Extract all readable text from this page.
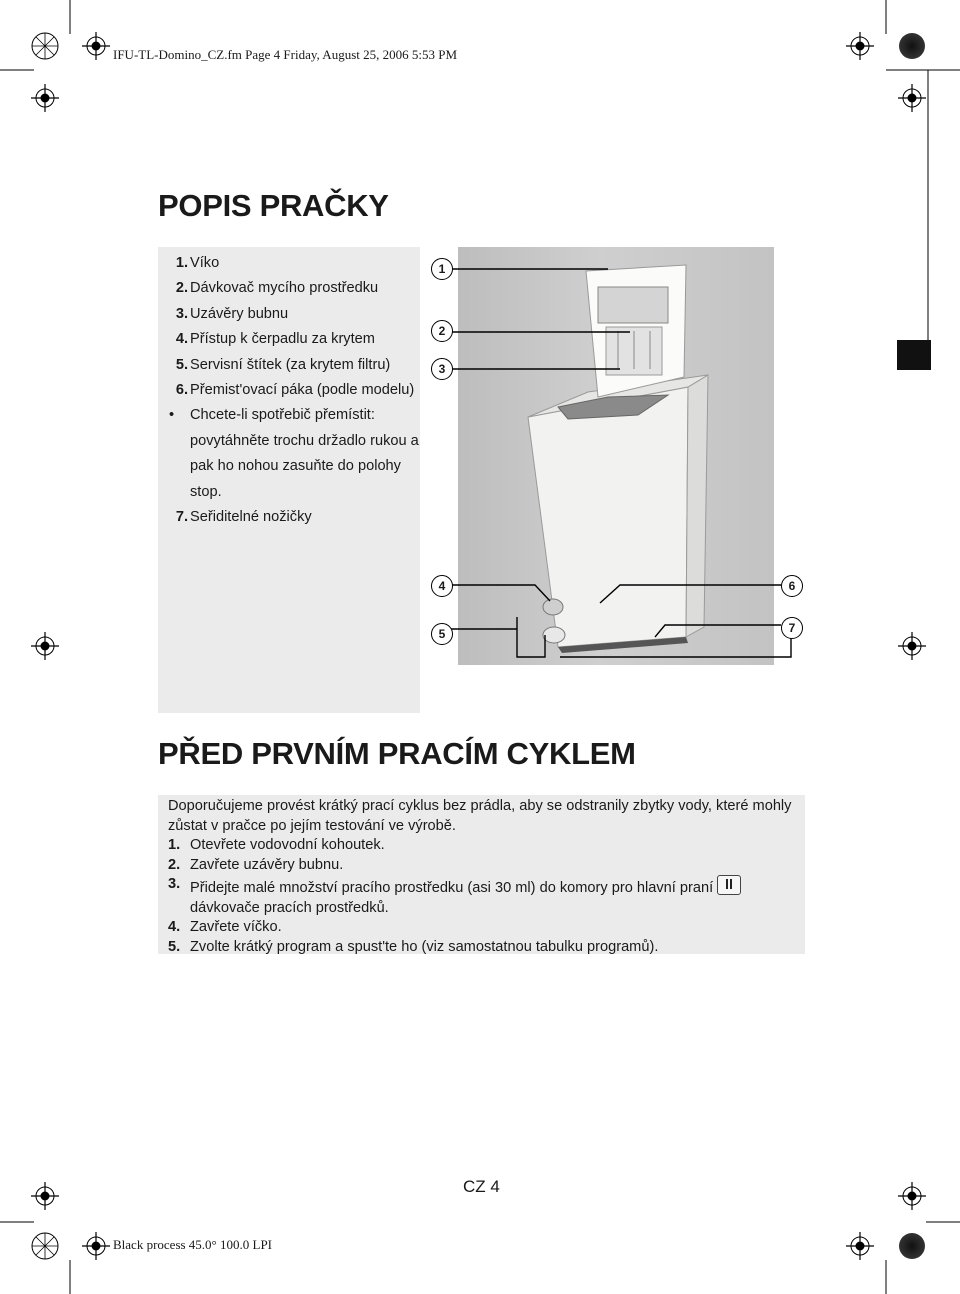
IFU-TL-Domino_CZ.fm Page 4 Friday, August 25, 2006 5:53 PM
POPIS PRAČKY
1. Víko
2. Dávkovač mycího prostředku
3. Uzávěry bubnu
4. Přístup k čerpadlu za krytem
5. Servisní štítek (za krytem filtru)
6. Přemist'ovací páka (podle modelu)
•	Chcete-li spotřebič přemístit: povytáhněte trochu držadlo rukou a pak ho nohou zasuňte do polohy stop.
7. Seřiditelné nožičky
1
2
3
4
5
6
7
PŘED PRVNÍM PRACÍM CYKLEM
Doporučujeme provést krátký prací cyklus bez prádla, aby se odstranily zbytky vody, které mohly zůstat v pračce po jejím testování ve výrobě.
1. Otevřete vodovodní kohoutek.
2. Zavřete uzávěry bubnu.
3. Přidejte malé množství pracího prostředku (asi 30 ml) do komory pro hlavní praní
dávkovače pracích prostředků.
4. Zavřete víčko.
5. Zvolte krátký program a spust'te ho (viz samostatnou tabulku programů).
CZ 4
Black process 45.0° 100.0 LPI
